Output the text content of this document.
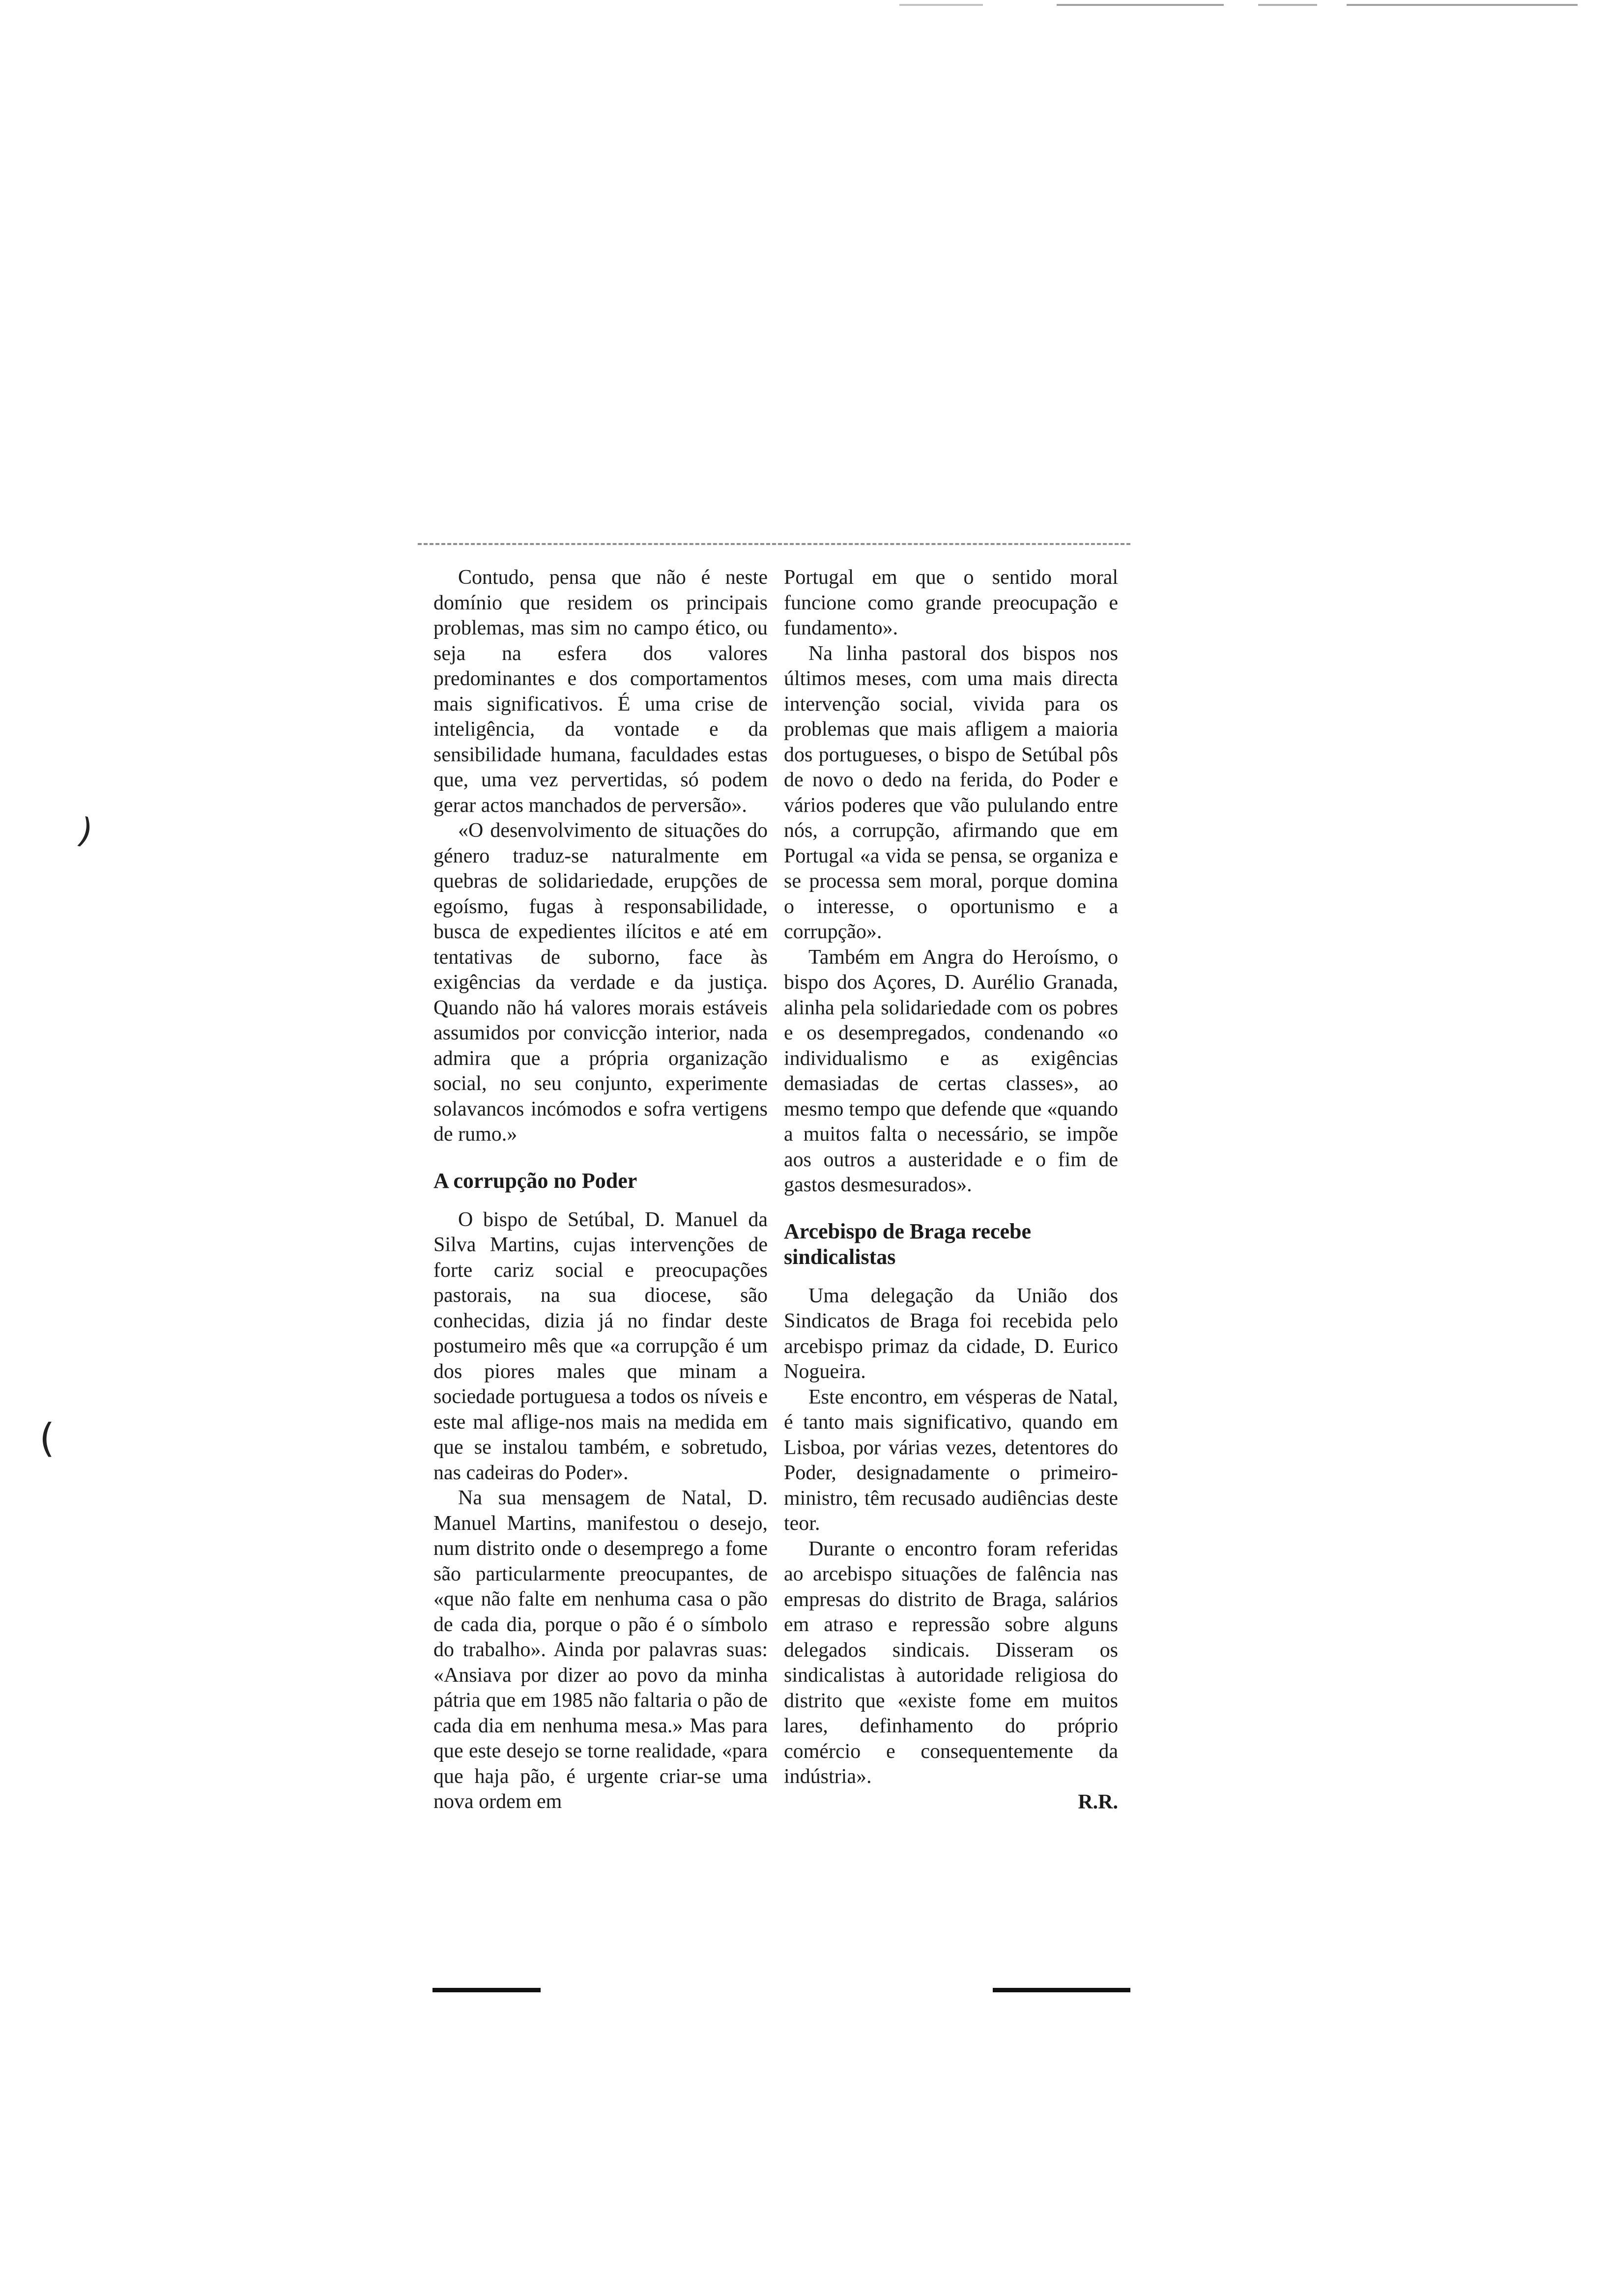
)
(

Contudo, pensa que não é neste domínio que residem os principais problemas, mas sim no campo ético, ou seja na esfera dos valores predominantes e dos comportamentos mais significativos. É uma crise de inteligência, da vontade e da sensibilidade humana, faculdades estas que, uma vez pervertidas, só podem gerar actos manchados de perversão».

«O desenvolvimento de situações do género traduz-se naturalmente em quebras de solidariedade, erupções de egoísmo, fugas à responsabilidade, busca de expedientes ilícitos e até em tentativas de suborno, face às exigências da verdade e da justiça. Quando não há valores morais estáveis assumidos por convicção interior, nada admira que a própria organização social, no seu conjunto, experimente solavancos incómodos e sofra vertigens de rumo.»

A corrupção no Poder

O bispo de Setúbal, D. Manuel da Silva Martins, cujas intervenções de forte cariz social e preocupações pastorais, na sua diocese, são conhecidas, dizia já no findar deste postumeiro mês que «a corrupção é um dos piores males que minam a sociedade portuguesa a todos os níveis e este mal aflige-nos mais na medida em que se instalou também, e sobretudo, nas cadeiras do Poder».

Na sua mensagem de Natal, D. Manuel Martins, manifestou o desejo, num distrito onde o desemprego a fome são particularmente preocupantes, de «que não falte em nenhuma casa o pão de cada dia, porque o pão é o símbolo do trabalho». Ainda por palavras suas: «Ansiava por dizer ao povo da minha pátria que em 1985 não faltaria o pão de cada dia em nenhuma mesa.» Mas para que este desejo se torne realidade, «para que haja pão, é urgente criar-se uma nova ordem em

Portugal em que o sentido moral funcione como grande preocupação e fundamento».

Na linha pastoral dos bispos nos últimos meses, com uma mais directa intervenção social, vivida para os problemas que mais afligem a maioria dos portugueses, o bispo de Setúbal pôs de novo o dedo na ferida, do Poder e vários poderes que vão pululando entre nós, a corrupção, afirmando que em Portugal «a vida se pensa, se organiza e se processa sem moral, porque domina o interesse, o oportunismo e a corrupção».

Também em Angra do Heroísmo, o bispo dos Açores, D. Aurélio Granada, alinha pela solidariedade com os pobres e os desempregados, condenando «o individualismo e as exigências demasiadas de certas classes», ao mesmo tempo que defende que «quando a muitos falta o necessário, se impõe aos outros a austeridade e o fim de gastos desmesurados».

Arcebispo de Braga recebe sindicalistas

Uma delegação da União dos Sindicatos de Braga foi recebida pelo arcebispo primaz da cidade, D. Eurico Nogueira.

Este encontro, em vésperas de Natal, é tanto mais significativo, quando em Lisboa, por várias vezes, detentores do Poder, designadamente o primeiro-ministro, têm recusado audiências deste teor.

Durante o encontro foram referidas ao arcebispo situações de falência nas empresas do distrito de Braga, salários em atraso e repressão sobre alguns delegados sindicais. Disseram os sindicalistas à autoridade religiosa do distrito que «existe fome em muitos lares, definhamento do próprio comércio e consequentemente da indústria».

R.R.
